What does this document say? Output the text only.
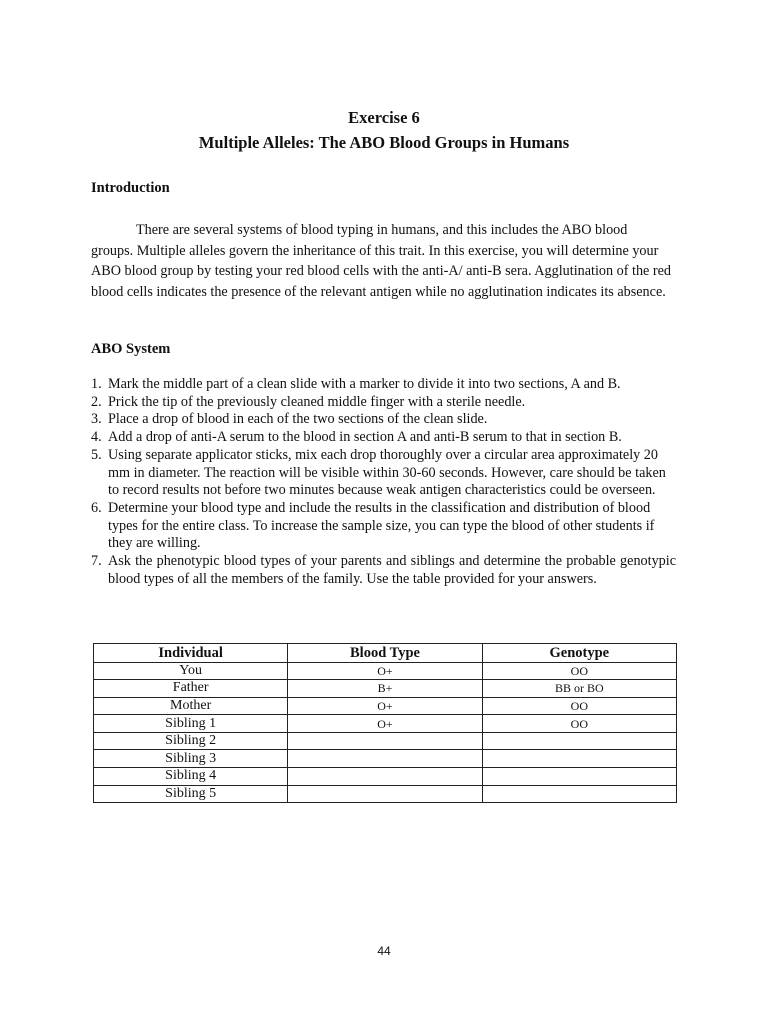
Exercise 6

Multiple Alleles: The ABO Blood Groups in Humans

Introduction

There are several systems of blood typing in humans, and this includes the ABO blood groups. Multiple alleles govern the inheritance of this trait. In this exercise, you will determine your ABO blood group by testing your red blood cells with the anti-A/ anti-B sera. Agglutination of the red blood cells indicates the presence of the relevant antigen while no agglutination indicates its absence.

ABO System

1. Mark the middle part of a clean slide with a marker to divide it into two sections, A and B.
2. Prick the tip of the previously cleaned middle finger with a sterile needle.
3. Place a drop of blood in each of the two sections of the clean slide.
4. Add a drop of anti-A serum to the blood in section A and anti-B serum to that in section B.
5. Using separate applicator sticks, mix each drop thoroughly over a circular area approximately 20 mm in diameter. The reaction will be visible within 30-60 seconds. However, care should be taken to record results not before two minutes because weak antigen characteristics could be overseen.
6. Determine your blood type and include the results in the classification and distribution of blood types for the entire class. To increase the sample size, you can type the blood of other students if they are willing.
7. Ask the phenotypic blood types of your parents and siblings and determine the probable genotypic blood types of all the members of the family. Use the table provided for your answers.
Individual	Blood Type	Genotype
You	O+	OO
Father	B+	BB or BO
Mother	O+	OO
Sibling 1	O+	OO
Sibling 2		
Sibling 3		
Sibling 4		
Sibling 5		
44
